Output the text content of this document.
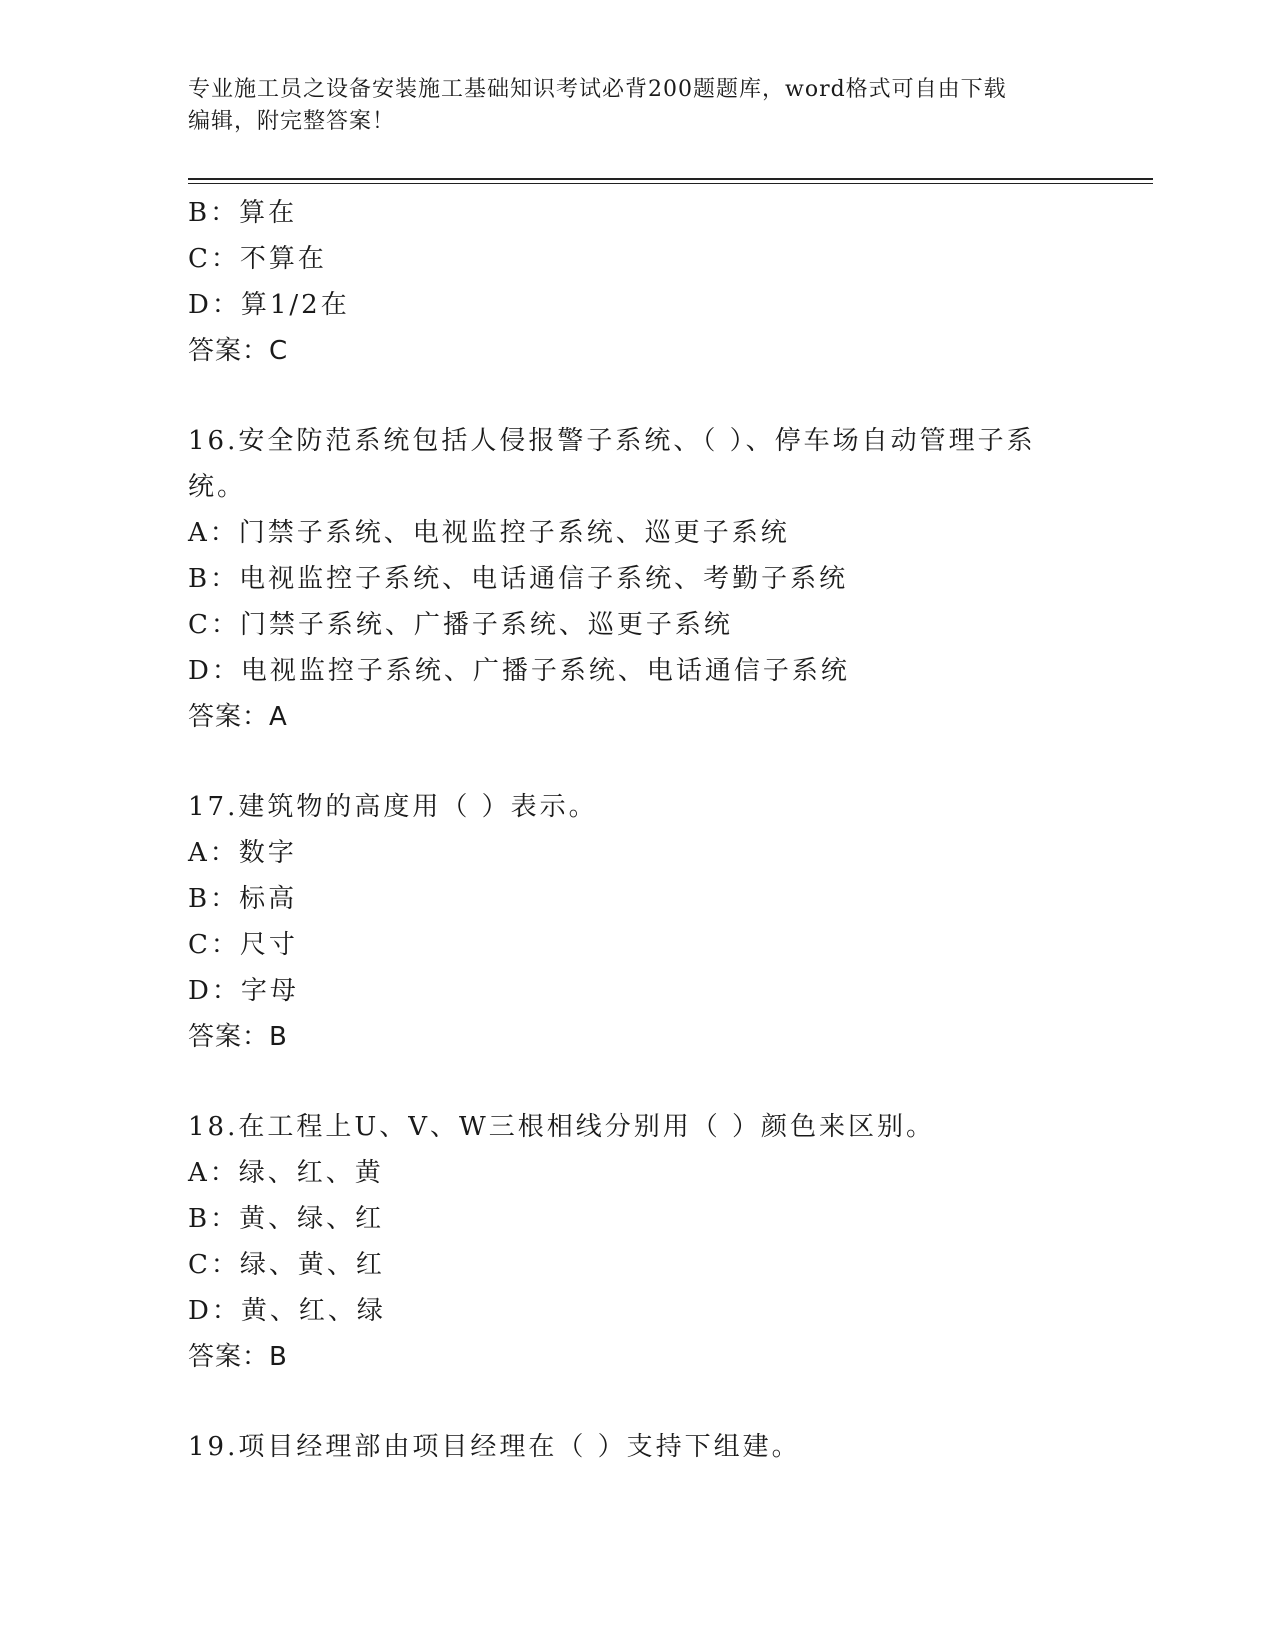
专业施工员之设备安装施工基础知识考试必背200题题库，word格式可自由下载
编辑，附完整答案！
B：算在
C：不算在
D：算1/2在
答案：C
16.安全防范系统包括人侵报警子系统、（ ）、停车场自动管理子系
统。
A：门禁子系统、电视监控子系统、巡更子系统
B：电视监控子系统、电话通信子系统、考勤子系统
C：门禁子系统、广播子系统、巡更子系统
D：电视监控子系统、广播子系统、电话通信子系统
答案：A
17.建筑物的高度用（ ）表示。
A：数字
B：标高
C：尺寸
D：字母
答案：B
18.在工程上U、V、W三根相线分别用（ ）颜色来区别。
A：绿、红、黄
B：黄、绿、红
C：绿、黄、红
D：黄、红、绿
答案：B
19.项目经理部由项目经理在（ ）支持下组建。
